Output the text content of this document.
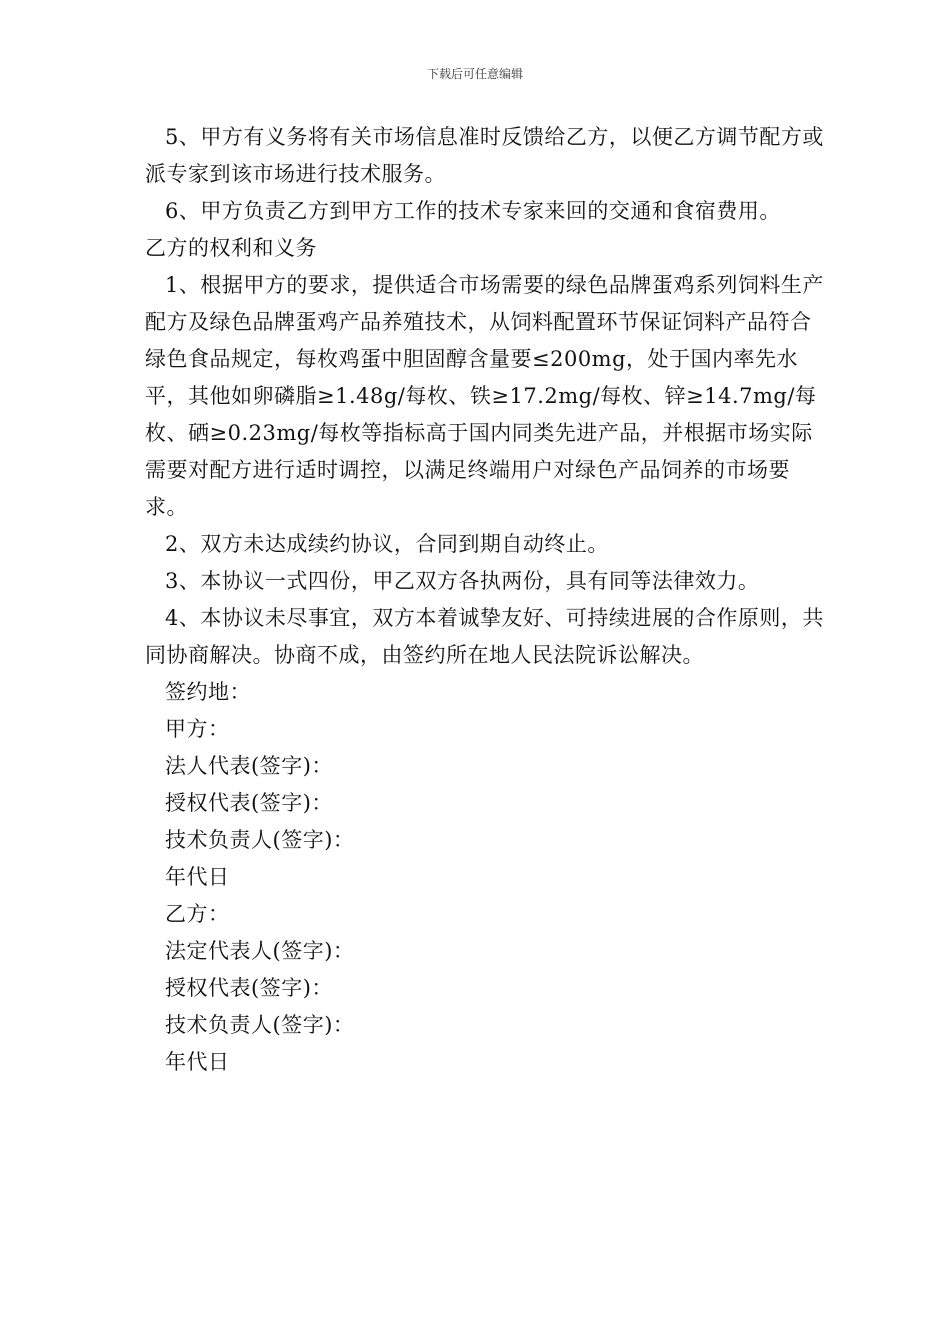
下载后可任意编辑

5、甲方有义务将有关市场信息准时反馈给乙方，以便乙方调节配方或派专家到该市场进行技术服务。

6、甲方负责乙方到甲方工作的技术专家来回的交通和食宿费用。

乙方的权利和义务

1、根据甲方的要求，提供适合市场需要的绿色品牌蛋鸡系列饲料生产配方及绿色品牌蛋鸡产品养殖技术，从饲料配置环节保证饲料产品符合绿色食品规定，每枚鸡蛋中胆固醇含量要≤200mg，处于国内率先水平，其他如卵磷脂≥1.48g/每枚、铁≥17.2mg/每枚、锌≥14.7mg/每枚、硒≥0.23mg/每枚等指标高于国内同类先进产品，并根据市场实际需要对配方进行适时调控，以满足终端用户对绿色产品饲养的市场要求。

2、双方未达成续约协议，合同到期自动终止。

3、本协议一式四份，甲乙双方各执两份，具有同等法律效力。

4、本协议未尽事宜，双方本着诚挚友好、可持续进展的合作原则，共同协商解决。协商不成，由签约所在地人民法院诉讼解决。

签约地：
甲方：
法人代表(签字)：
授权代表(签字)：
技术负责人(签字)：
年代日
乙方：
法定代表人(签字)：
授权代表(签字)：
技术负责人(签字)：
年代日
